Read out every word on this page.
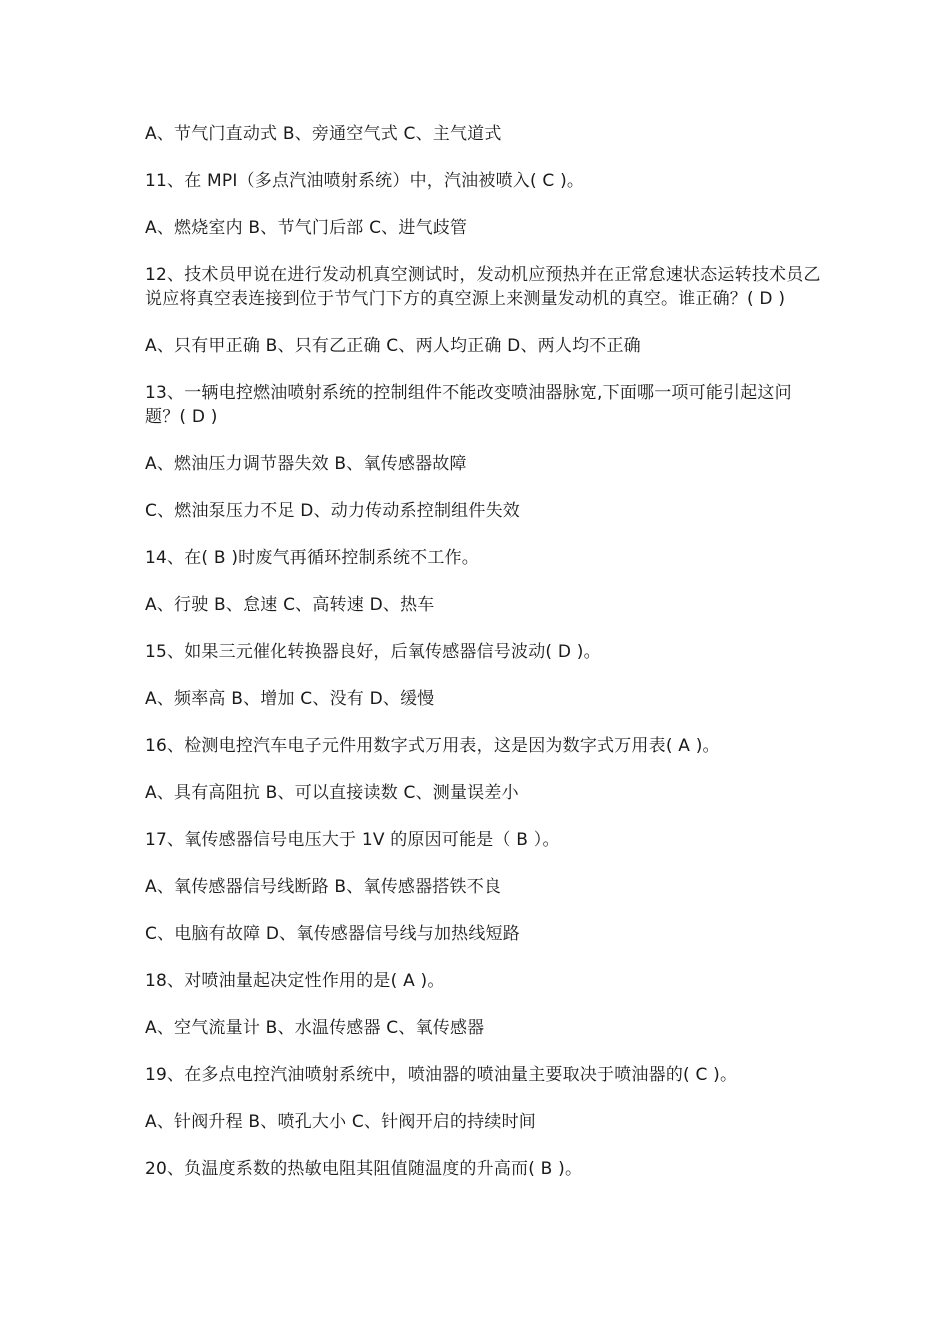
A、节气门直动式 B、旁通空气式 C、主气道式

11、在 MPI（多点汽油喷射系统）中，汽油被喷入( C )。

A、燃烧室内 B、节气门后部 C、进气歧管

12、技术员甲说在进行发动机真空测试时，发动机应预热并在正常怠速状态运转技术员乙说应将真空表连接到位于节气门下方的真空源上来测量发动机的真空。谁正确？( D )

A、只有甲正确 B、只有乙正确 C、两人均正确 D、两人均不正确

13、一辆电控燃油喷射系统的控制组件不能改变喷油器脉宽,下面哪一项可能引起这问题？( D )

A、燃油压力调节器失效 B、氧传感器故障

C、燃油泵压力不足 D、动力传动系控制组件失效

14、在( B )时废气再循环控制系统不工作。

A、行驶 B、怠速 C、高转速 D、热车

15、如果三元催化转换器良好，后氧传感器信号波动( D )。

A、频率高 B、增加 C、没有 D、缓慢

16、检测电控汽车电子元件用数字式万用表，这是因为数字式万用表( A )。

A、具有高阻抗 B、可以直接读数 C、测量误差小

17、氧传感器信号电压大于 1V 的原因可能是（ B ）。

A、氧传感器信号线断路 B、氧传感器搭铁不良

C、电脑有故障 D、氧传感器信号线与加热线短路

18、对喷油量起决定性作用的是( A )。

A、空气流量计 B、水温传感器 C、氧传感器

19、在多点电控汽油喷射系统中，喷油器的喷油量主要取决于喷油器的( C )。

A、针阀升程 B、喷孔大小 C、针阀开启的持续时间

20、负温度系数的热敏电阻其阻值随温度的升高而( B )。
